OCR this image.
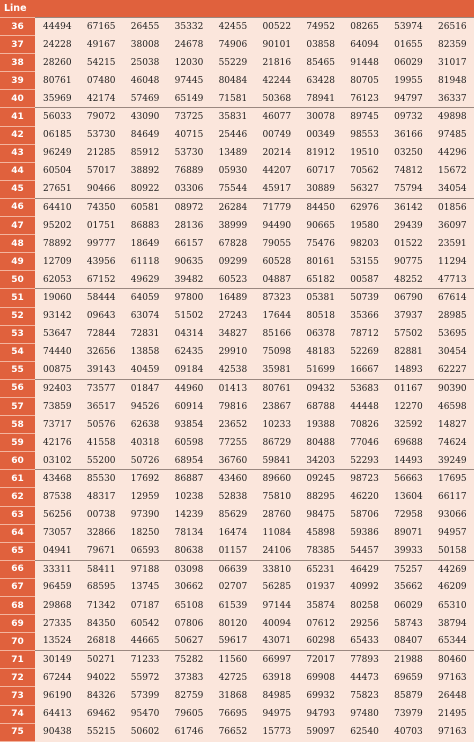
Line										
36	44494	67165	26455	35332	42455	00522	74952	08265	53974	26516
37	24228	49167	38008	24678	74906	90101	03858	64094	01655	82359
38	28260	54215	25038	12030	55229	21816	85465	91448	06029	31017
39	80761	07480	46048	97445	80484	42244	63428	80705	19955	81948
40	35969	42174	57469	65149	71581	50368	78941	76123	94797	36337
41	56033	79072	43090	73725	35831	46077	30078	89745	09732	49898
42	06185	53730	84649	40715	25446	00749	00349	98553	36166	97485
43	96249	21285	85912	53730	13489	20214	81912	19510	03250	44296
44	60504	57017	38892	76889	05930	44207	60717	70562	74812	15672
45	27651	90466	80922	03306	75544	45917	30889	56327	75794	34054
46	64410	74350	60581	08972	26284	71779	84450	62976	36142	01856
47	95202	01751	86883	28136	38999	94490	90665	19580	29439	36097
48	78892	99777	18649	66157	67828	79055	75476	98203	01522	23591
49	12709	43956	61118	90635	09299	60528	80161	53155	90775	11294
50	62053	67152	49629	39482	60523	04887	65182	00587	48252	47713
51	19060	58444	64059	97800	16489	87323	05381	50739	06790	67614
52	93142	09643	63074	51502	27243	17644	80518	35366	37937	28985
53	53647	72844	72831	04314	34827	85166	06378	78712	57502	53695
54	74440	32656	13858	62435	29910	75098	48183	52269	82881	30454
55	00875	39143	40459	09184	42538	35981	51699	16667	14893	62227
56	92403	73577	01847	44960	01413	80761	09432	53683	01167	90390
57	73859	36517	94526	60914	79816	23867	68788	44448	12270	46598
58	73717	50576	62638	93854	23652	10233	19388	70826	32592	14827
59	42176	41558	40318	60598	77255	86729	80488	77046	69688	74624
60	03102	55200	50726	68954	36760	59841	34203	52293	14493	39249
61	43468	85530	17692	86887	43460	89660	09245	98723	56663	17695
62	87538	48317	12959	10238	52838	75810	88295	46220	13604	66117
63	56256	00738	97390	14239	85629	28760	98475	58706	72958	93066
64	73057	32866	18250	78134	16474	11084	45898	59386	89071	94957
65	04941	79671	06593	80638	01157	24106	78385	54457	39933	50158
66	33311	58411	97188	03098	06639	33810	65231	46429	75257	44269
67	96459	68595	13745	30662	02707	56285	01937	40992	35662	46209
68	29868	71342	07187	65108	61539	97144	35874	80258	06029	65310
69	27335	84350	60542	07806	80120	40094	07612	29256	58743	38794
70	13524	26818	44665	50627	59617	43071	60298	65433	08407	65344
71	30149	50271	71233	75282	11560	66997	72017	77893	21988	80460
72	67244	94022	55972	37383	42725	63918	69908	44473	69659	97163
73	96190	84326	57399	82759	31868	84985	69932	75823	85879	26448
74	64413	69462	95470	79605	76695	94975	94793	97480	73979	21495
75	90438	55215	50602	61746	76652	15773	59097	62540	40703	97163
